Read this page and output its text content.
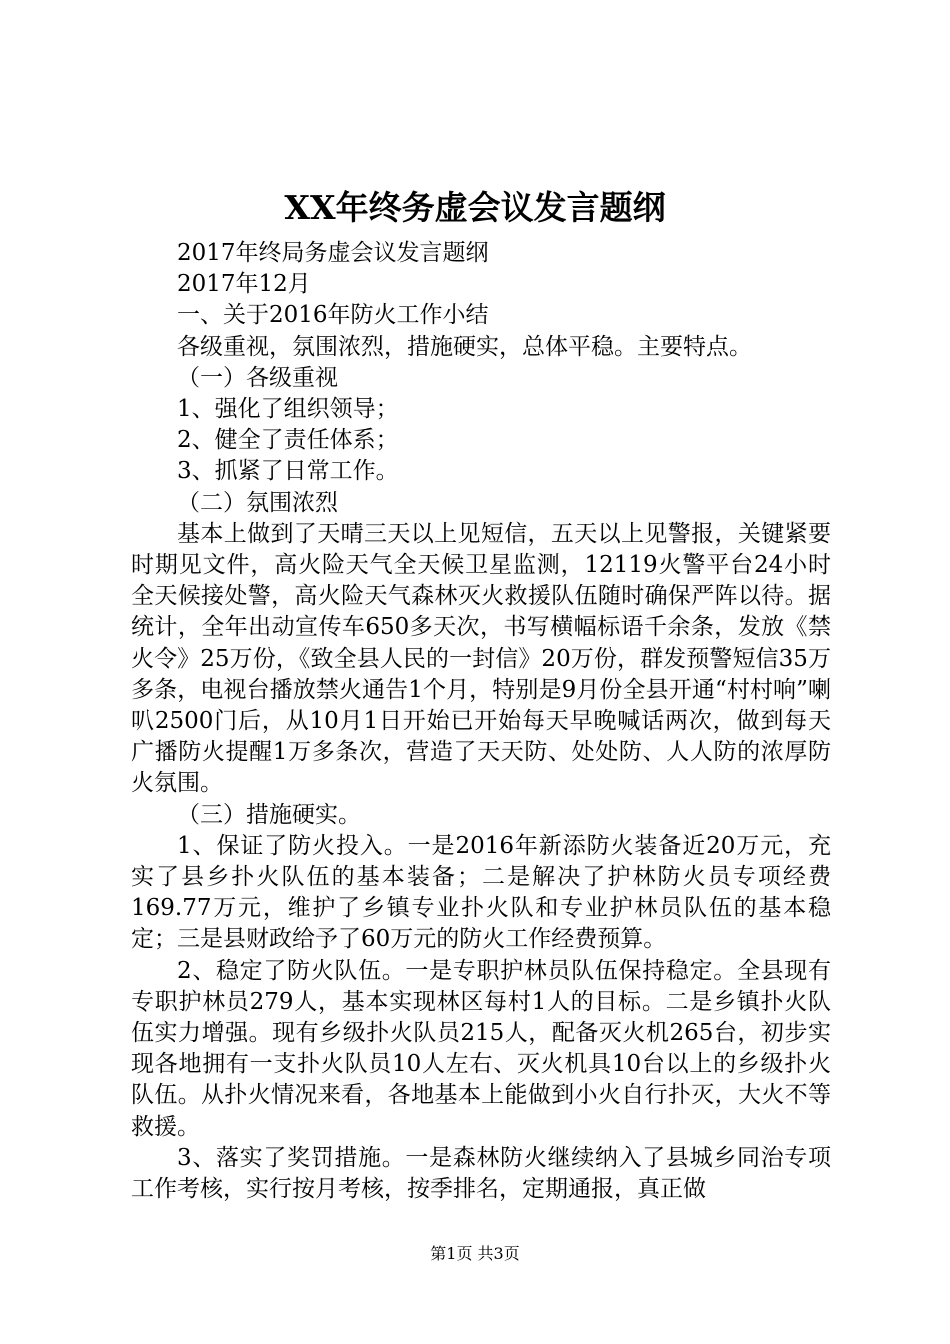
XX年终务虚会议发言题纲
2017年终局务虚会议发言题纲
2017年12月
一、关于2016年防火工作小结
各级重视，氛围浓烈，措施硬实，总体平稳。主要特点。
（一）各级重视
1、强化了组织领导；
2、健全了责任体系；
3、抓紧了日常工作。
（二）氛围浓烈

基本上做到了天晴三天以上见短信，五天以上见警报，关键紧要时期见文件，高火险天气全天候卫星监测，12119火警平台24小时全天候接处警，高火险天气森林灭火救援队伍随时确保严阵以待。据统计，全年出动宣传车650多天次，书写横幅标语千余条，发放《禁火令》25万份，《致全县人民的一封信》20万份，群发预警短信35万多条，电视台播放禁火通告1个月，特别是9月份全县开通“村村响”喇叭2500门后，从10月1日开始已开始每天早晚喊话两次，做到每天广播防火提醒1万多条次，营造了天天防、处处防、人人防的浓厚防火氛围。

（三）措施硬实。

1、保证了防火投入。一是2016年新添防火装备近20万元，充实了县乡扑火队伍的基本装备；二是解决了护林防火员专项经费169.77万元，维护了乡镇专业扑火队和专业护林员队伍的基本稳定；三是县财政给予了60万元的防火工作经费预算。

2、稳定了防火队伍。一是专职护林员队伍保持稳定。全县现有专职护林员279人，基本实现林区每村1人的目标。二是乡镇扑火队伍实力增强。现有乡级扑火队员215人，配备灭火机265台，初步实现各地拥有一支扑火队员10人左右、灭火机具10台以上的乡级扑火队伍。从扑火情况来看，各地基本上能做到小火自行扑灭，大火不等救援。

3、落实了奖罚措施。一是森林防火继续纳入了县城乡同治专项工作考核，实行按月考核，按季排名，定期通报，真正做

第1页 共3页
